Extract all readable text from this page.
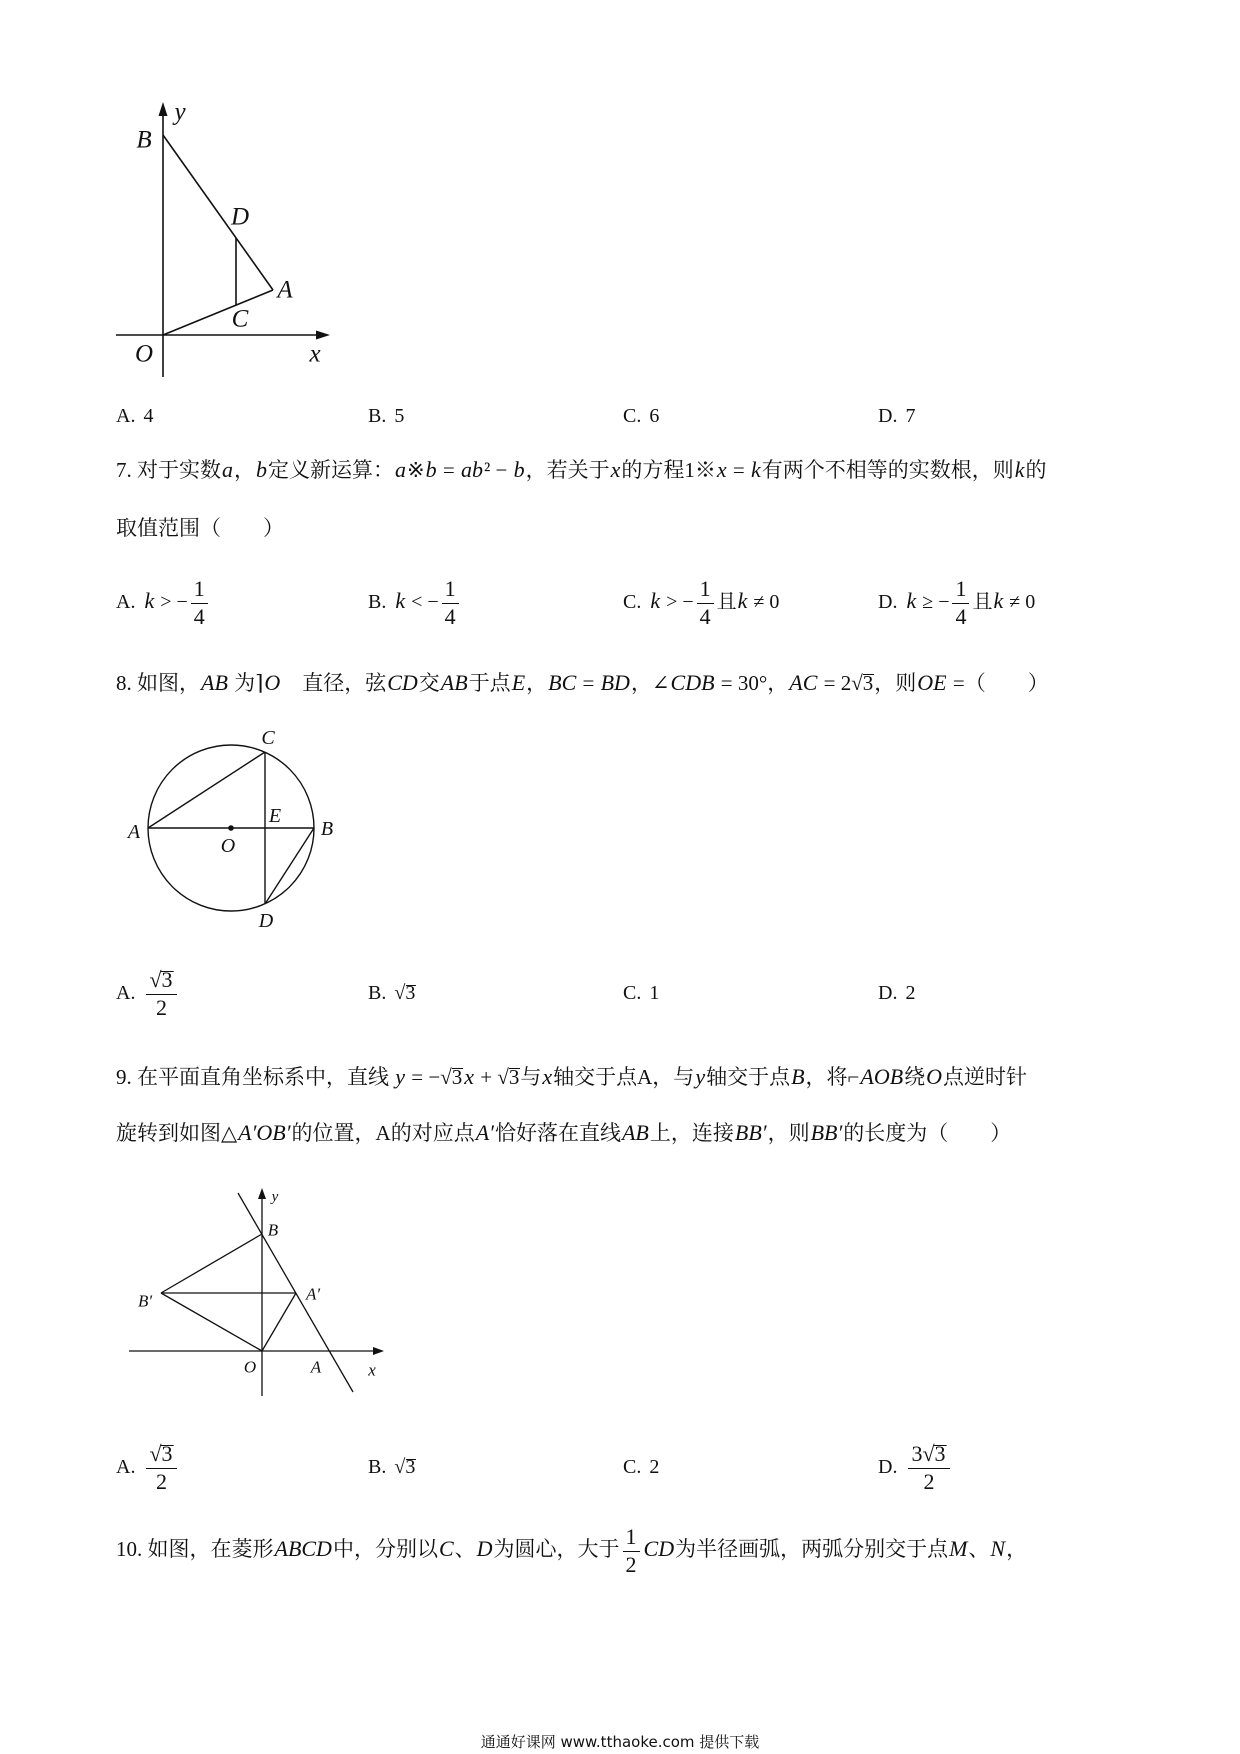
y
B
D
A
C
O	x
A. 4	B. 5	C. 6	D. 7
7. 对于实数a，b定义新运算：a※b = ab² − b，若关于x的方程1※x = k有两个不相等的实数根，则k的
取值范围（　　）
A. k > − $\frac{1}{4}$	B. k < − $\frac{1}{4}$	C. k > − $\frac{1}{4}$ 且k ≠ 0	D. k ≥ − $\frac{1}{4}$ 且k ≠ 0
8. 如图，AB 为⌉O　直径，弦CD交AB于点E，BC = BD，∠CDB = 30°，AC = 2√3，则OE =（　　）
C
A	B
D
E
O
A. $\frac{√3}{2}$	B. √3	C. 1	D. 2
9. 在平面直角坐标系中，直线 y = −√3x + √3与x轴交于点A，与y轴交于点B，将⌐AOB绕O点逆时针
旋转到如图△A′OB′的位置，A的对应点A′恰好落在直线AB上，连接BB′，则BB′的长度为（　　）
y
B
B′	A′
O	A	x
A. $\frac{√3}{2}$	B. √3	C. 2	D. $\frac{3√3}{2}$
10. 如图，在菱形ABCD中，分别以C、D为圆心，大于 $\frac{1}{2}$ CD为半径画弧，两弧分别交于点M、N，
通通好课网 www.tthaoke.com 提供下载
